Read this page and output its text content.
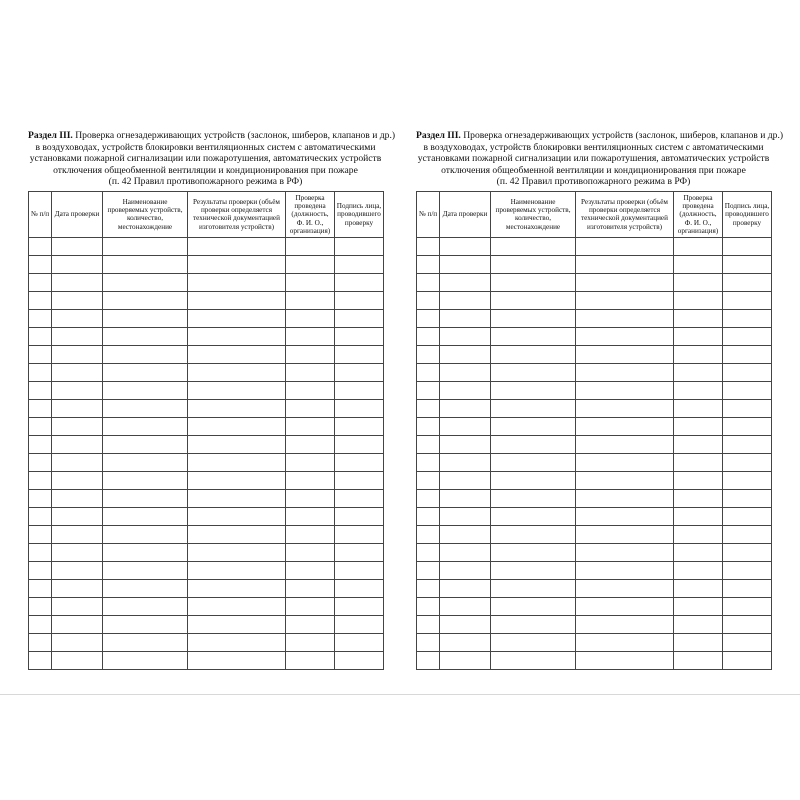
Раздел III. Проверка огнезадерживающих устройств (заслонок, шиберов, клапанов и др.)
в воздуховодах, устройств блокировки вентиляционных систем с автоматическими
установками пожарной сигнализации или пожаротушения, автоматических устройств
отключения общеобменной вентиляции и кондиционирования при пожаре
(п. 42 Правил противопожарного режима в РФ)
№ п/п	Дата проверки	Наименование проверяемых устройств, количество, местонахождение	Результаты проверки (объём проверки определяется технической документацией изготовителя устройств)	Проверка проведена (должность, Ф. И. О., организация)	Подпись лица, проводившего проверку

Раздел III. Проверка огнезадерживающих устройств (заслонок, шиберов, клапанов и др.)
в воздуховодах, устройств блокировки вентиляционных систем с автоматическими
установками пожарной сигнализации или пожаротушения, автоматических устройств
отключения общеобменной вентиляции и кондиционирования при пожаре
(п. 42 Правил противопожарного режима в РФ)
№ п/п	Дата проверки	Наименование проверяемых устройств, количество, местонахождение	Результаты проверки (объём проверки определяется технической документацией изготовителя устройств)	Проверка проведена (должность, Ф. И. О., организация)	Подпись лица, проводившего проверку
